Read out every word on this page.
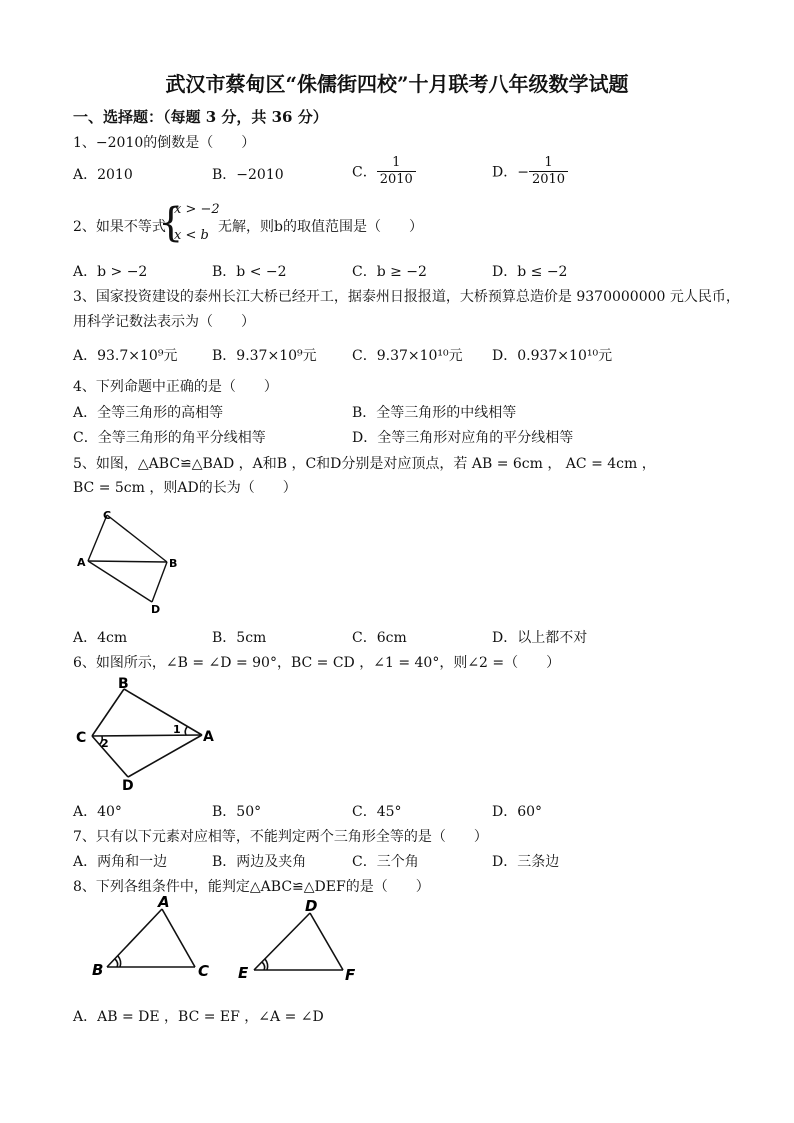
武汉市蔡甸区“侏儒街四校”十月联考八年级数学试题
一、选择题：（每题 3 分，共 36 分）
1、−2010的倒数是（　　）
A．2010	B．−2010	C． $\frac{1}{2010}$	D．− $\frac{1}{2010}$
2、如果不等式
{
x > −2
x < b
无解，则b的取值范围是（　　）
A．b > −2	B．b < −2	C．b ≥ −2	D．b ≤ −2
3、国家投资建设的泰州长江大桥已经开工，据泰州日报报道，大桥预算总造价是 9370000000 元人民币，
用科学记数法表示为（　　）
A．93.7×10⁹元 B．9.37×10⁹元	C．9.37×10¹⁰元 D．0.937×10¹⁰元
4、下列命题中正确的是（　　）
A．全等三角形的高相等	B．全等三角形的中线相等
C．全等三角形的角平分线相等	D．全等三角形对应角的平分线相等
5、如图，△ABC≌△BAD ，A和B ，C和D分别是对应顶点，若 AB = 6cm ， AC = 4cm ，
BC = 5cm ，则AD的长为（　　）
C
A	B
D
A．4cm	B．5cm	C．6cm	D．以上都不对
6、如图所示，∠B = ∠D = 90°，BC = CD ，∠1 = 40°，则∠2 =（　　）
B
C	A
D
1
2
A．40°	B．50°	C．45°	D．60°
7、只有以下元素对应相等，不能判定两个三角形全等的是（　　）
A．两角和一边	B．两边及夹角	C．三个角	D．三条边
8、下列各组条件中，能判定△ABC≌△DEF的是（　　）
A
B	C
D
E	F
A．AB = DE ，BC = EF ，∠A = ∠D
